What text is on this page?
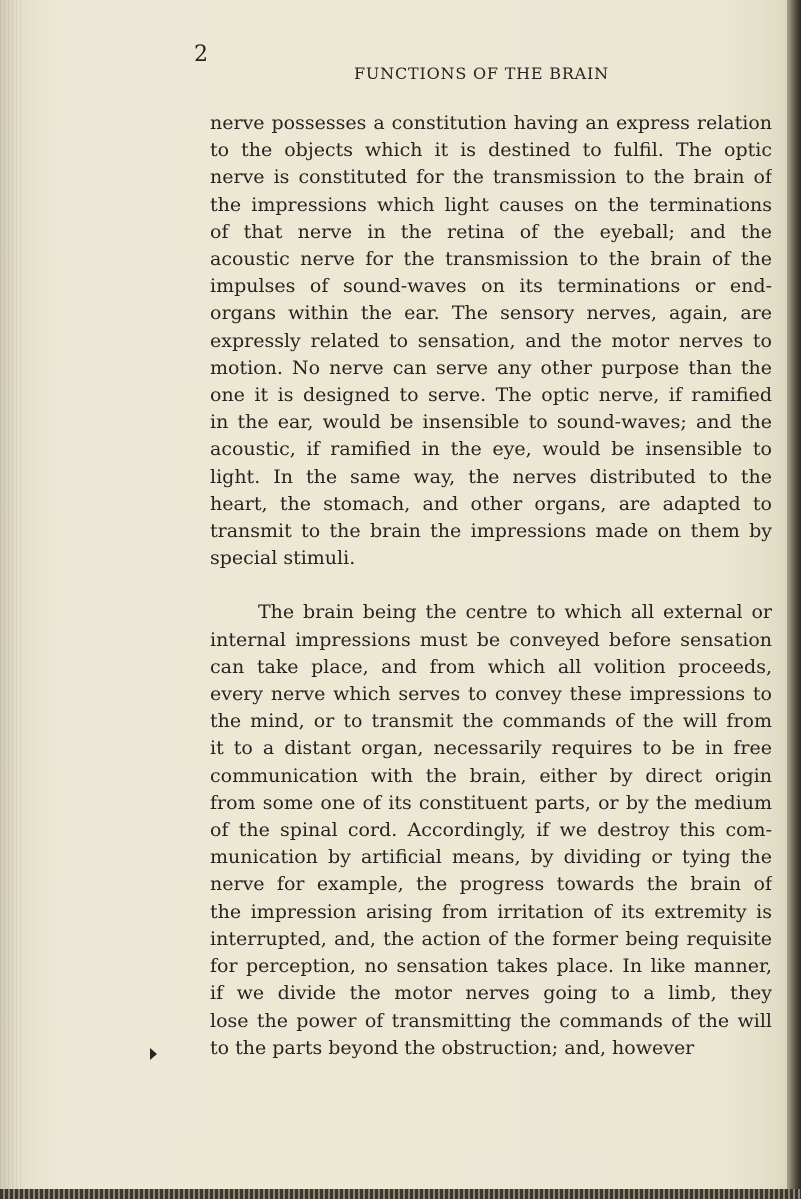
2

FUNCTIONS OF THE BRAIN
nerve possesses a constitution having an express relation
to the objects which it is destined to fulfil. The optic
nerve is constituted for the transmission to the brain of
the impressions which light causes on the terminations
of that nerve in the retina of the eyeball; and the
acoustic nerve for the transmission to the brain of the
impulses of sound-waves on its terminations or end-
organs within the ear. The sensory nerves, again, are
expressly related to sensation, and the motor nerves to
motion. No nerve can serve any other purpose than the
one it is designed to serve. The optic nerve, if ramified
in the ear, would be insensible to sound-waves; and the
acoustic, if ramified in the eye, would be insensible to
light. In the same way, the nerves distributed to the
heart, the stomach, and other organs, are adapted to
transmit to the brain the impressions made on them by
special stimuli.
The brain being the centre to which all external or
internal impressions must be conveyed before sensation
can take place, and from which all volition proceeds,
every nerve which serves to convey these impressions to
the mind, or to transmit the commands of the will from
it to a distant organ, necessarily requires to be in free
communication with the brain, either by direct origin
from some one of its constituent parts, or by the medium
of the spinal cord. Accordingly, if we destroy this com-
munication by artificial means, by dividing or tying the
nerve for example, the progress towards the brain of
the impression arising from irritation of its extremity is
interrupted, and, the action of the former being requisite
for perception, no sensation takes place. In like manner,
if we divide the motor nerves going to a limb, they
lose the power of transmitting the commands of the will
to the parts beyond the obstruction; and, however
